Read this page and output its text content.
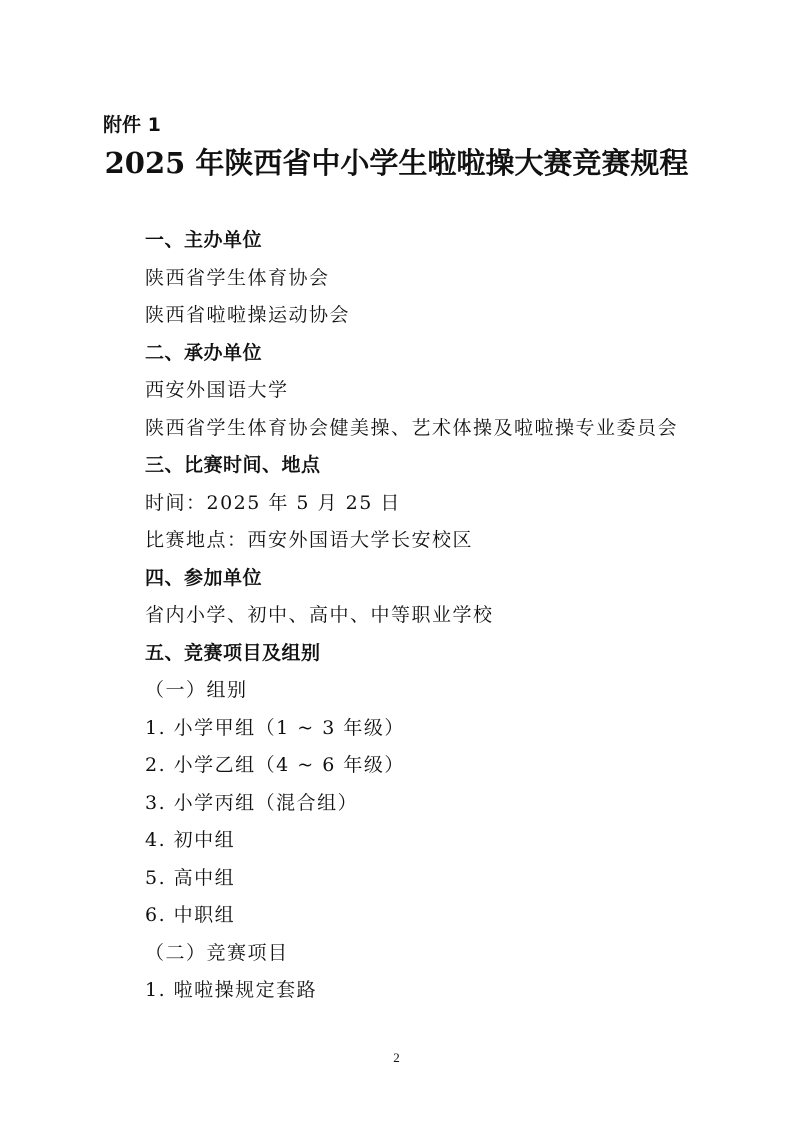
附件 1
2025 年陕西省中小学生啦啦操大赛竞赛规程
一、主办单位
陕西省学生体育协会
陕西省啦啦操运动协会
二、承办单位
西安外国语大学
陕西省学生体育协会健美操、艺术体操及啦啦操专业委员会
三、比赛时间、地点
时间：2025 年 5 月 25 日
比赛地点：西安外国语大学长安校区
四、参加单位
省内小学、初中、高中、中等职业学校
五、竞赛项目及组别
（一）组别
1. 小学甲组（1 ~ 3 年级）
2. 小学乙组（4 ~ 6 年级）
3. 小学丙组（混合组）
4. 初中组
5. 高中组
6. 中职组
（二）竞赛项目
1. 啦啦操规定套路
2
